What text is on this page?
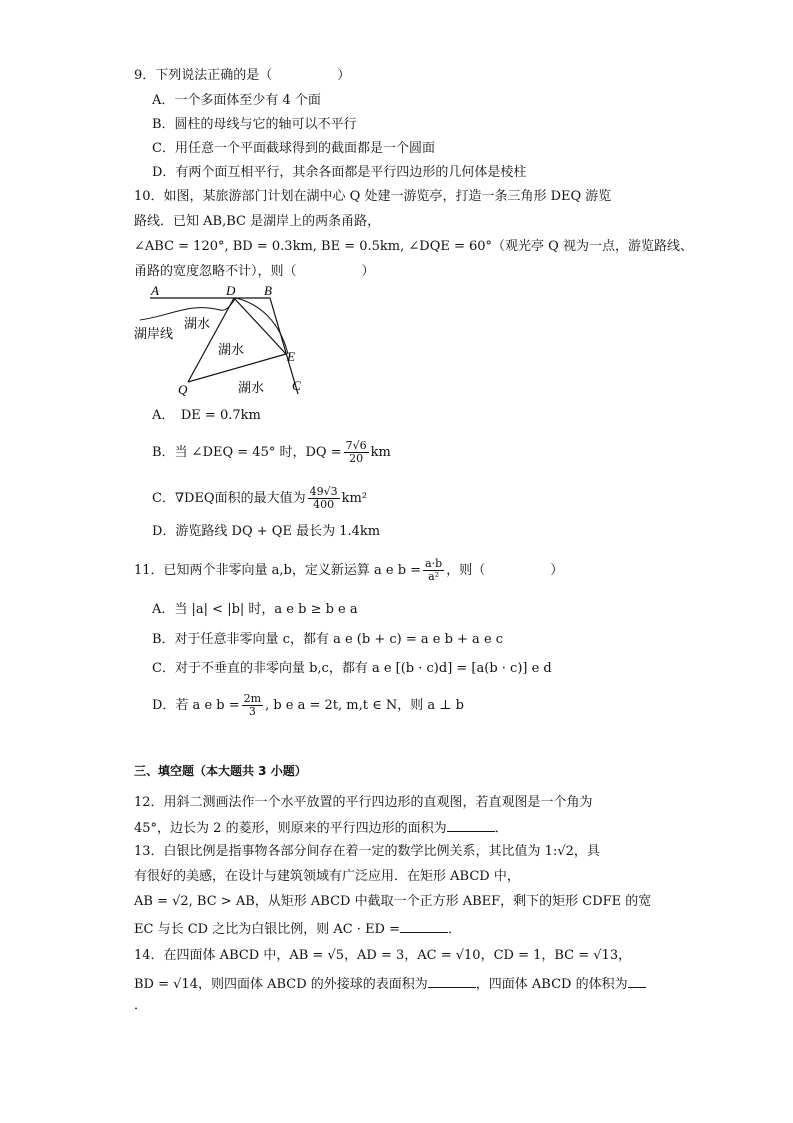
9．下列说法正确的是（　　　　　）
A．一个多面体至少有 4 个面
B．圆柱的母线与它的轴可以不平行
C．用任意一个平面截球得到的截面都是一个圆面
D．有两个面互相平行，其余各面都是平行四边形的几何体是棱柱
10．如图，某旅游部门计划在湖中心 Q 处建一游览亭，打造一条三角形 DEQ 游览
路线．已知 AB,BC 是湖岸上的两条甬路，
∠ABC = 120°, BD = 0.3km, BE = 0.5km, ∠DQE = 60°（观光亭 Q 视为一点，游览路线、
甬路的宽度忽略不计），则（　　　　　）
A	D B
E
C
Q
湖岸线
湖水
湖水
湖水
A．　DE = 0.7km
B．当 ∠DEQ = 45° 时，DQ = $\frac{7√6}{20}$ km
C．∇DEQ面积的最大值为 $\frac{49√3}{400} km^2$
D．游览路线 DQ + QE 最长为 1.4km
11．已知两个非零向量 a,b，定义新运算 a e $b = \frac{a\cdot b}{\text{a²}}$ ，则（　　　　　）
A．当 |a| < |b| 时，a e b ≥ b e a
B．对于任意非零向量 c，都有 a e (b + c) = a e b + a e c
C．对于不垂直的非零向量 b,c，都有 a e [(b · c)d] = [a(b · c)] e d
D．若 a e $b = \frac{2m}{3}$ , b e a = 2t, m,t ∈ N，则 a ⊥ b
三、填空题（本大题共 3 小题）
12．用斜二测画法作一个水平放置的平行四边形的直观图，若直观图是一个角为
45°，边长为 2 的菱形，则原来的平行四边形的面积为	．
13．白银比例是指事物各部分间存在着一定的数学比例关系，其比值为 1:√2，具
有很好的美感，在设计与建筑领域有广泛应用．在矩形 ABCD 中，
AB = √2, BC > AB，从矩形 ABCD 中截取一个正方形 ABEF，剩下的矩形 CDFE 的宽
EC 与长 CD 之比为白银比例，则 AC · ED =	．
14．在四面体 ABCD 中，AB = √5，AD = 3，AC = √10，CD = 1，BC = √13，
BD = √14，则四面体 ABCD 的外接球的表面积为	，四面体 ABCD 的体积为
．
